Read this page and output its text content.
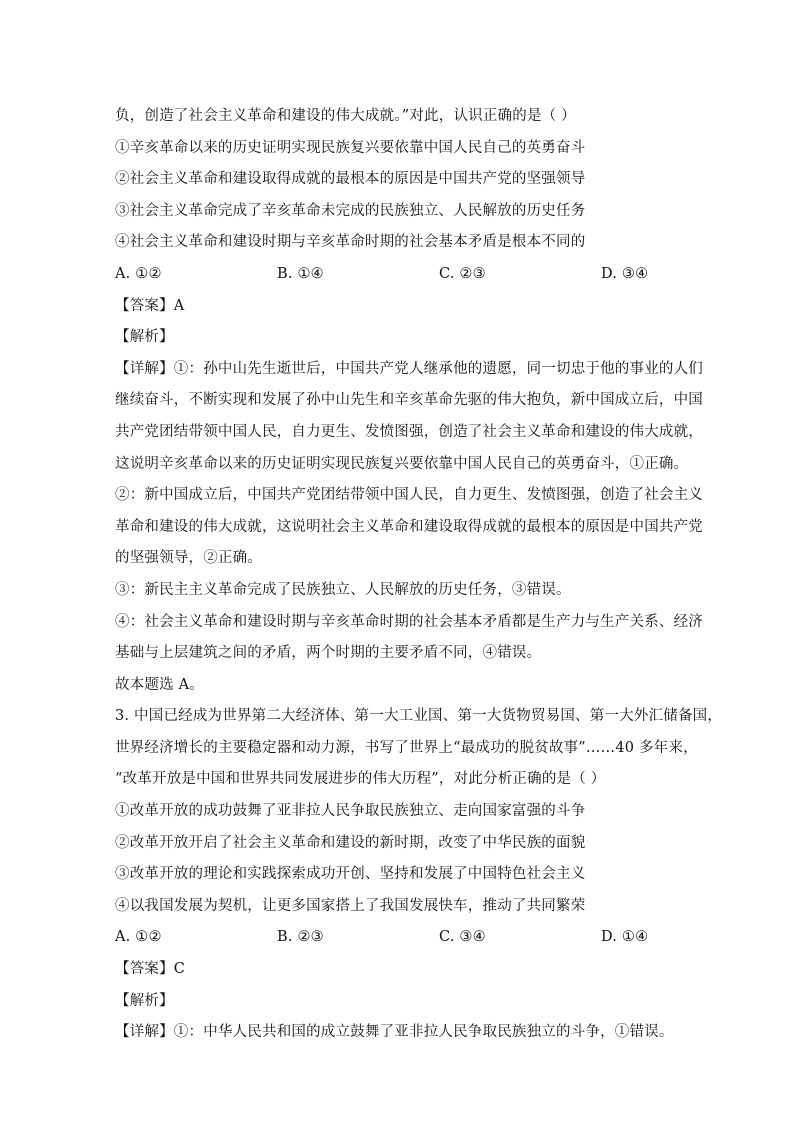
负，创造了社会主义革命和建设的伟大成就。”对此，认识正确的是（ ）
①辛亥革命以来的历史证明实现民族复兴要依靠中国人民自己的英勇奋斗
②社会主义革命和建设取得成就的最根本的原因是中国共产党的坚强领导
③社会主义革命完成了辛亥革命未完成的民族独立、人民解放的历史任务
④社会主义革命和建设时期与辛亥革命时期的社会基本矛盾是根本不同的
A. ①②	B. ①④	C. ②③	D. ③④
【答案】A
【解析】
【详解】①：孙中山先生逝世后，中国共产党人继承他的遗愿，同一切忠于他的事业的人们
继续奋斗，不断实现和发展了孙中山先生和辛亥革命先驱的伟大抱负，新中国成立后，中国
共产党团结带领中国人民，自力更生、发愤图强，创造了社会主义革命和建设的伟大成就，
这说明辛亥革命以来的历史证明实现民族复兴要依靠中国人民自己的英勇奋斗，①正确。
②：新中国成立后，中国共产党团结带领中国人民，自力更生、发愤图强，创造了社会主义
革命和建设的伟大成就，这说明社会主义革命和建设取得成就的最根本的原因是中国共产党
的坚强领导，②正确。
③：新民主主义革命完成了民族独立、人民解放的历史任务，③错误。
④：社会主义革命和建设时期与辛亥革命时期的社会基本矛盾都是生产力与生产关系、经济
基础与上层建筑之间的矛盾，两个时期的主要矛盾不同，④错误。
故本题选 A。
3. 中国已经成为世界第二大经济体、第一大工业国、第一大货物贸易国、第一大外汇储备国，
世界经济增长的主要稳定器和动力源，书写了世界上“最成功的脱贫故事”……40 多年来，
“改革开放是中国和世界共同发展进步的伟大历程”，对此分析正确的是（ ）
①改革开放的成功鼓舞了亚非拉人民争取民族独立、走向国家富强的斗争
②改革开放开启了社会主义革命和建设的新时期，改变了中华民族的面貌
③改革开放的理论和实践探索成功开创、坚持和发展了中国特色社会主义
④以我国发展为契机，让更多国家搭上了我国发展快车，推动了共同繁荣
A. ①②	B. ②③	C. ③④	D. ①④
【答案】C
【解析】
【详解】①：中华人民共和国的成立鼓舞了亚非拉人民争取民族独立的斗争，①错误。
